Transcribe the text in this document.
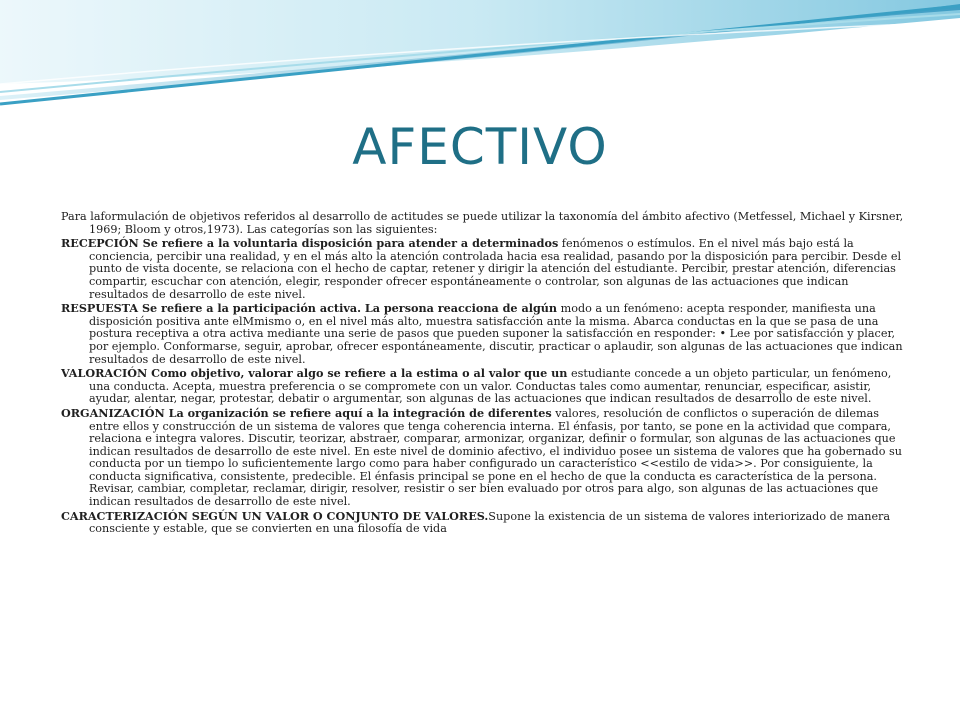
AFECTIVO

Para laformulación de objetivos referidos al desarrollo de actitudes se puede utilizar la taxonomía del ámbito afectivo (Metfessel, Michael y Kirsner, 1969; Bloom y otros,1973). Las categorías son las siguientes:

RECEPCIÓN Se refiere a la voluntaria disposición para atender a determinados fenómenos o estímulos. En el nivel más bajo está la conciencia, percibir una realidad, y en el más alto la atención controlada hacia esa realidad, pasando por la disposición para percibir. Desde el punto de vista docente, se relaciona con el hecho de captar, retener y dirigir la atención del estudiante. Percibir, prestar atención, diferencias compartir, escuchar con atención, elegir, responder ofrecer espontáneamente o controlar, son algunas de las actuaciones que indican resultados de desarrollo de este nivel.

RESPUESTA Se refiere a la participación activa. La persona reacciona de algún modo a un fenómeno: acepta responder, manifiesta una disposición positiva ante elMmismo o, en el nivel más alto, muestra satisfacción ante la misma. Abarca conductas en la que se pasa de una postura receptiva a otra activa mediante una serie de pasos que pueden suponer la satisfacción en responder: • Lee por satisfacción y placer, por ejemplo. Conformarse, seguir, aprobar, ofrecer espontáneamente, discutir, practicar o aplaudir, son algunas de las actuaciones que indican resultados de desarrollo de este nivel.

VALORACIÓN Como objetivo, valorar algo se refiere a la estima o al valor que un estudiante concede a un objeto particular, un fenómeno, una conducta. Acepta, muestra preferencia o se compromete con un valor. Conductas tales como aumentar, renunciar, especificar, asistir, ayudar, alentar, negar, protestar, debatir o argumentar, son algunas de las actuaciones que indican resultados de desarrollo de este nivel.

ORGANIZACIÓN La organización se refiere aquí a la integración de diferentes valores, resolución de conflictos o superación de dilemas entre ellos y construcción de un sistema de valores que tenga coherencia interna. El énfasis, por tanto, se pone en la actividad que compara, relaciona e integra valores. Discutir, teorizar, abstraer, comparar, armonizar, organizar, definir o formular, son algunas de las actuaciones que indican resultados de desarrollo de este nivel. En este nivel de dominio afectivo, el individuo posee un sistema de valores que ha gobernado su conducta por un tiempo lo suficientemente largo como para haber configurado un característico <<estilo de vida>>. Por consiguiente, la conducta significativa, consistente, predecible. El énfasis principal se pone en el hecho de que la conducta es característica de la persona. Revisar, cambiar, completar, reclamar, dirigir, resolver, resistir o ser bien evaluado por otros para algo, son algunas de las actuaciones que indican resultados de desarrollo de este nivel.

CARACTERIZACIÓN SEGÚN UN VALOR O CONJUNTO DE VALORES.Supone la existencia de un sistema de valores interiorizado de manera consciente y estable, que se convierten en una filosofía de vida
